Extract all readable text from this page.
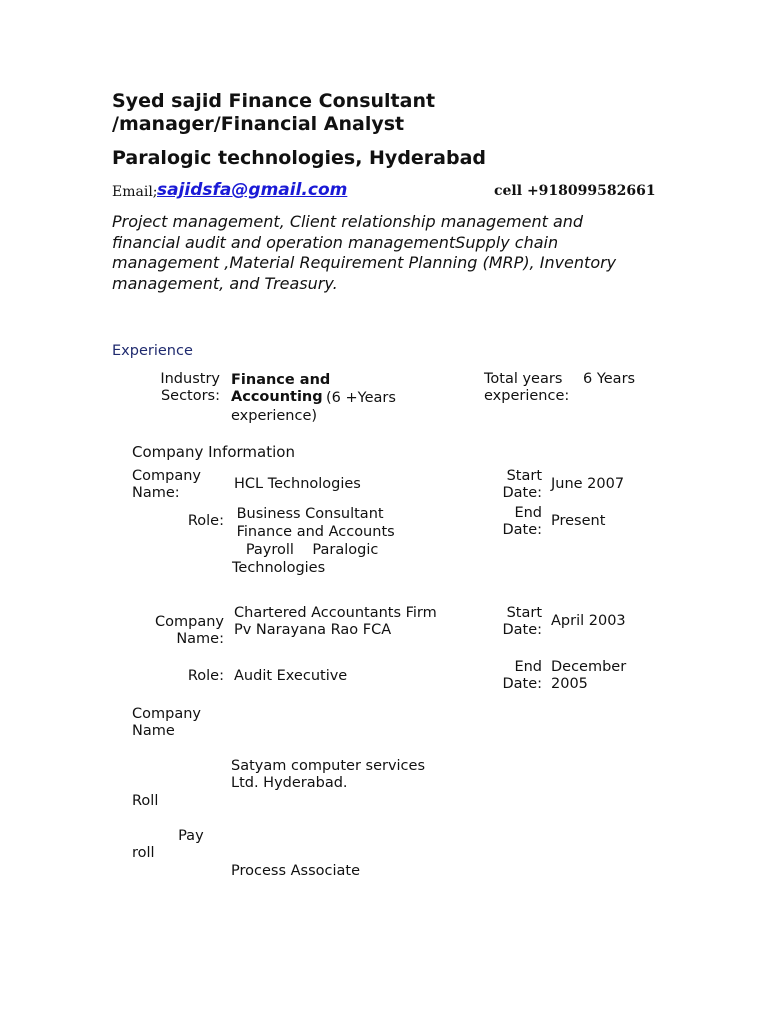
Syed sajid Finance Consultant
/manager/Financial Analyst
Paralogic technologies, Hyderabad
Email; sajidsfa@gmail.com	cell +918099582661
Project management, Client relationship management and financial audit and operation managementSupply chain management ,Material Requirement Planning (MRP), Inventory management, and Treasury.
Experience
Industry
Sectors:
Finance and
Accounting (6 +Years
experience)
Total years
experience:
6 Years
Company Information
Company
Name:
HCL Technologies	Start
Date:
June 2007
Role: Business Consultant
Finance and Accounts
Payroll    Paralogic
Technologies
End
Date:
Present
Company
Name:
Chartered Accountants Firm
Pv Narayana Rao FCA
Start
Date:
April 2003
Role: Audit Executive
End
Date:
December
2005
Company
Name
Satyam computer services
Ltd. Hyderabad.
Roll
Pay
roll
Process Associate
